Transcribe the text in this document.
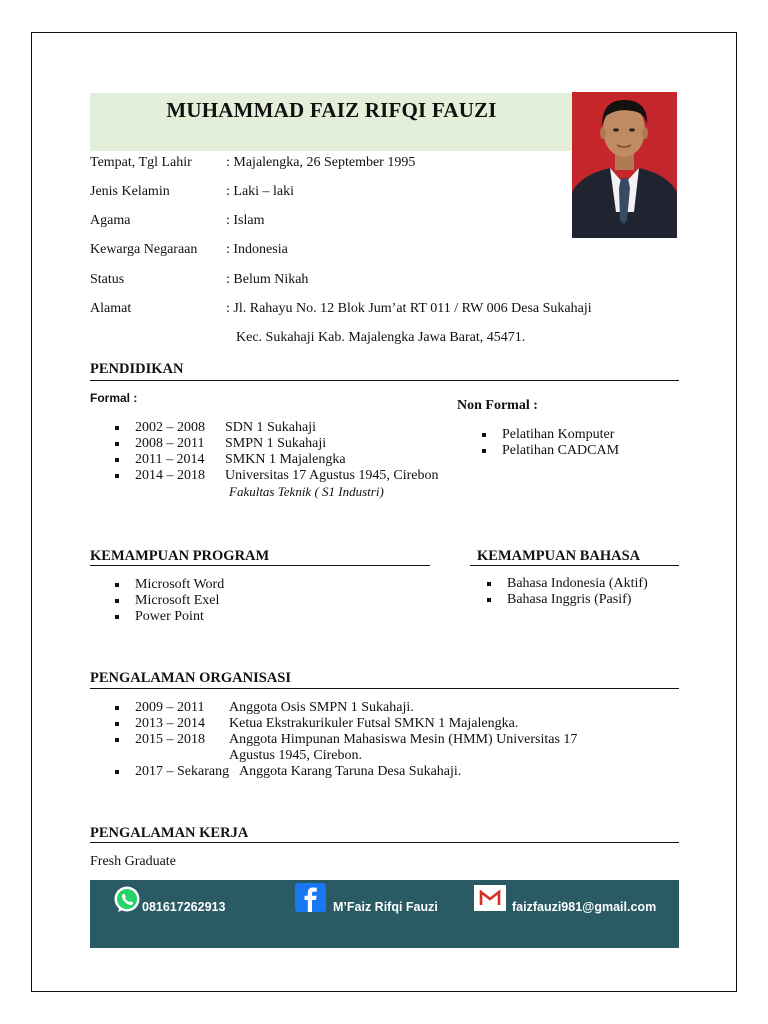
MUHAMMAD FAIZ RIFQI FAUZI
Tempat, Tgl Lahir : Majalengka, 26 September 1995
Jenis Kelamin	: Laki – laki
Agama	: Islam
Kewarga Negaraan : Indonesia
Status	: Belum Nikah
Alamat	: Jl. Rahayu No. 12 Blok Jum’at RT 011 / RW 006 Desa Sukahaji
Kec. Sukahaji Kab. Majalengka Jawa Barat, 45471.
PENDIDIKAN
Formal :
2002 – 2008 SDN 1 Sukahaji
2008 – 2011 SMPN 1 Sukahaji
2011 – 2014 SMKN 1 Majalengka
2014 – 2018 Universitas 17 Agustus 1945, Cirebon
Fakultas Teknik ( S1 Industri)
Non Formal :
Pelatihan Komputer
Pelatihan CADCAM
KEMAMPUAN PROGRAM
Microsoft Word
Microsoft Exel
Power Point
KEMAMPUAN BAHASA
Bahasa Indonesia (Aktif)
Bahasa Inggris (Pasif)
PENGALAMAN ORGANISASI
2009 – 2011 Anggota Osis SMPN 1 Sukahaji.
2013 – 2014 Ketua Ekstrakurikuler Futsal SMKN 1 Majalengka.
2015 – 2018 Anggota Himpunan Mahasiswa Mesin (HMM) Universitas 17
Agustus 1945, Cirebon.
2017 – Sekarang Anggota Karang Taruna Desa Sukahaji.
PENGALAMAN KERJA
Fresh Graduate
081617262913	M’Faiz Rifqi Fauzi	faizfauzi981@gmail.com
